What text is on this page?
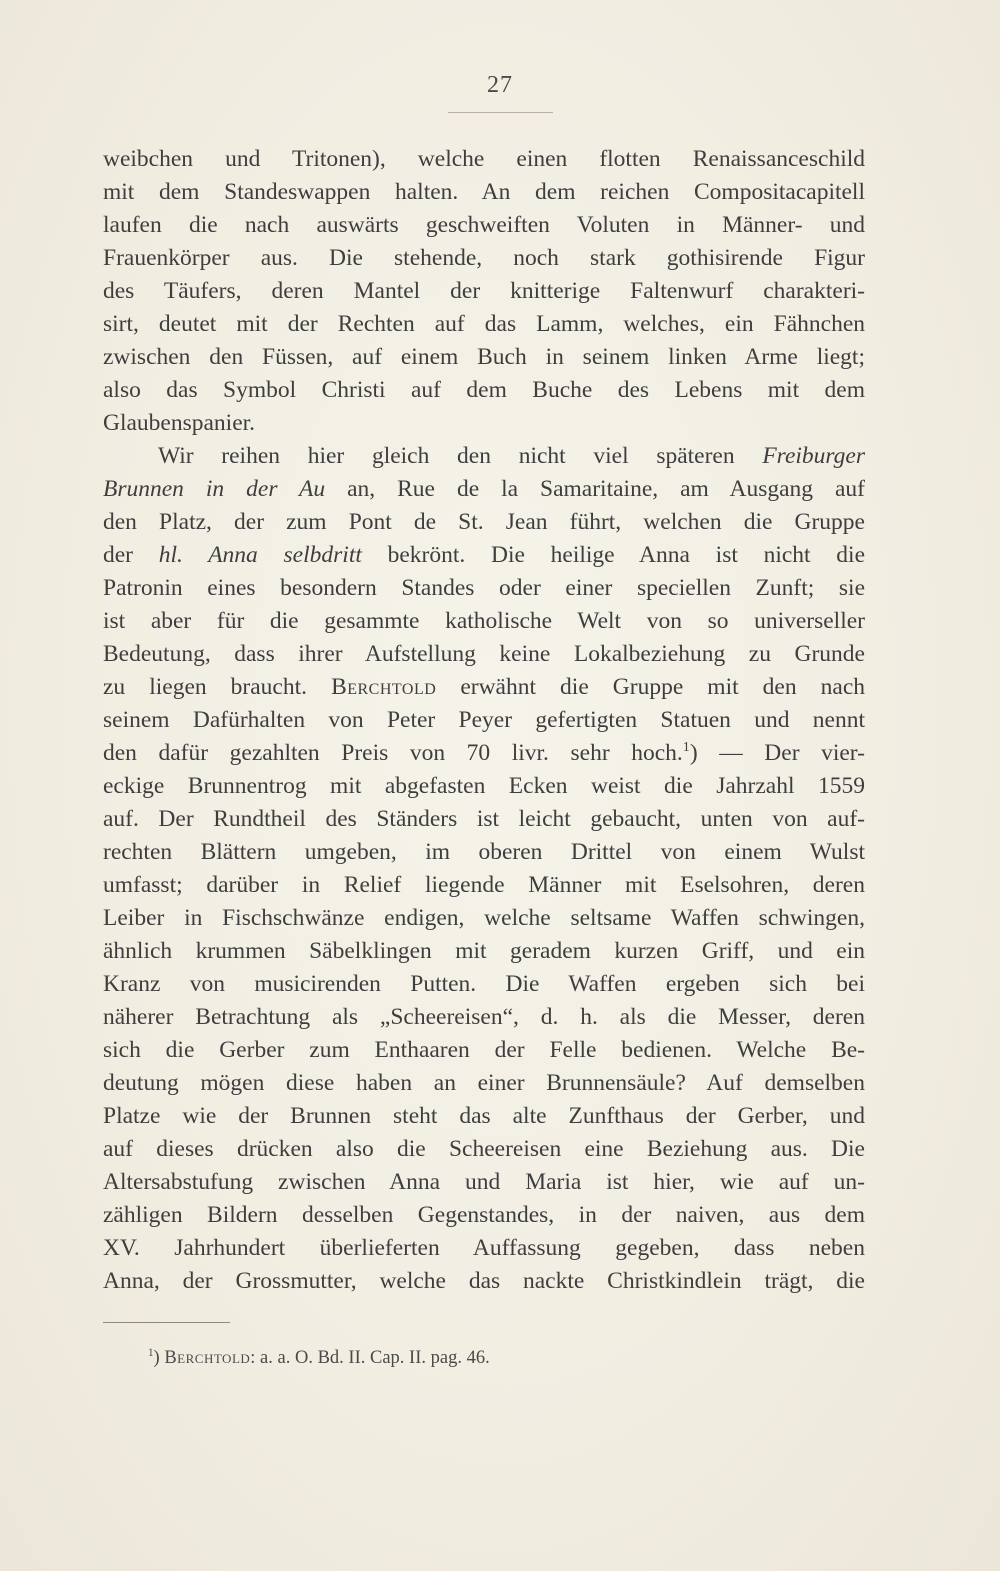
27
weibchen und Tritonen), welche einen flotten Renaissanceschild
mit dem Standeswappen halten. An dem reichen Compositacapitell
laufen die nach auswärts geschweiften Voluten in Männer- und
Frauenkörper aus. Die stehende, noch stark gothisirende Figur
des Täufers, deren Mantel der knitterige Faltenwurf charakteri-
sirt, deutet mit der Rechten auf das Lamm, welches, ein Fähnchen
zwischen den Füssen, auf einem Buch in seinem linken Arme liegt;
also das Symbol Christi auf dem Buche des Lebens mit dem
Glaubenspanier.
Wir reihen hier gleich den nicht viel späteren Freiburger
Brunnen in der Au an, Rue de la Samaritaine, am Ausgang auf
den Platz, der zum Pont de St. Jean führt, welchen die Gruppe
der hl. Anna selbdritt bekrönt. Die heilige Anna ist nicht die
Patronin eines besondern Standes oder einer speciellen Zunft; sie
ist aber für die gesammte katholische Welt von so universeller
Bedeutung, dass ihrer Aufstellung keine Lokalbeziehung zu Grunde
zu liegen braucht. Berchtold erwähnt die Gruppe mit den nach
seinem Dafürhalten von Peter Peyer gefertigten Statuen und nennt
den dafür gezahlten Preis von 70 livr. sehr hoch.$^1$) — Der vier-
eckige Brunnentrog mit abgefasten Ecken weist die Jahrzahl 1559
auf. Der Rundtheil des Ständers ist leicht gebaucht, unten von auf-
rechten Blättern umgeben, im oberen Drittel von einem Wulst
umfasst; darüber in Relief liegende Männer mit Eselsohren, deren
Leiber in Fischschwänze endigen, welche seltsame Waffen schwingen,
ähnlich krummen Säbelklingen mit geradem kurzen Griff, und ein
Kranz von musicirenden Putten. Die Waffen ergeben sich bei
näherer Betrachtung als „Scheereisen“, d. h. als die Messer, deren
sich die Gerber zum Enthaaren der Felle bedienen. Welche Be-
deutung mögen diese haben an einer Brunnensäule? Auf demselben
Platze wie der Brunnen steht das alte Zunfthaus der Gerber, und
auf dieses drücken also die Scheereisen eine Beziehung aus. Die
Altersabstufung zwischen Anna und Maria ist hier, wie auf un-
zähligen Bildern desselben Gegenstandes, in der naiven, aus dem
XV. Jahrhundert überlieferten Auffassung gegeben, dass neben
Anna, der Grossmutter, welche das nackte Christkindlein trägt, die
$^1$) Berchtold: a. a. O. Bd. II. Cap. II. pag. 46.
